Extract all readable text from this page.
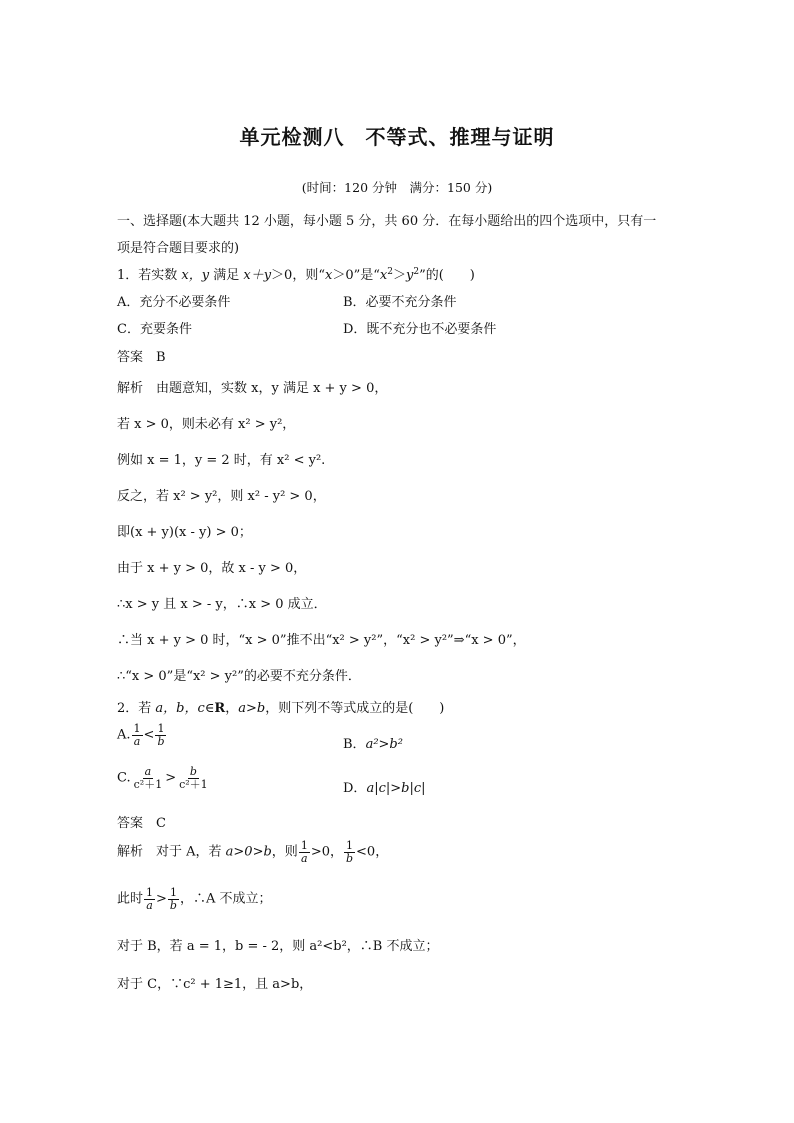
单元检测八　不等式、推理与证明
(时间：120 分钟　满分：150 分)
一、选择题(本大题共 12 小题，每小题 5 分，共 60 分．在每小题给出的四个选项中，只有一
项是符合题目要求的)
1．若实数 x，y 满足 x＋y＞0，则“x＞0”是“$x^2>y^2$”的(　　)
A．充分不必要条件	B．必要不充分条件
C．充要条件	D．既不充分也不必要条件
答案　B
解析　由题意知，实数 x，y 满足 x + y > 0，
若 x > 0，则未必有 x² > y²，
例如 x = 1，y = 2 时，有 x² < y².
反之，若 x² > y²，则 x² - y² > 0，
即(x + y)(x - y) > 0；
由于 x + y > 0，故 x - y > 0，
∴x > y 且 x > - y，∴x > 0 成立．
∴当 x + y > 0 时，“x > 0”推不出“x² > y²”，“x² > y²”⇒“x > 0”，
∴“x > 0”是“x² > y²”的必要不充分条件．
2．若 a，b，c∈R，a>b，则下列不等式成立的是(　　)
A. $\frac{1}{a} < \frac{1}{b}$	B．a²>b²
C. $\frac{a}{\text{c²＋1}} > \frac{b}{\text{c²＋1}}$	D．a|c|>b|c|
答案　C
解析　对于 A，若 a>0>b，则 $\frac{1}{a} >0$， $\frac{1}{b} <0$，
此时 $\frac{1}{a} > \frac{1}{b}$ ，∴A 不成立；
对于 B，若 a = 1，b = - 2，则 a²<b²，∴B 不成立；
对于 C，∵c² + 1≥1，且 a>b，
